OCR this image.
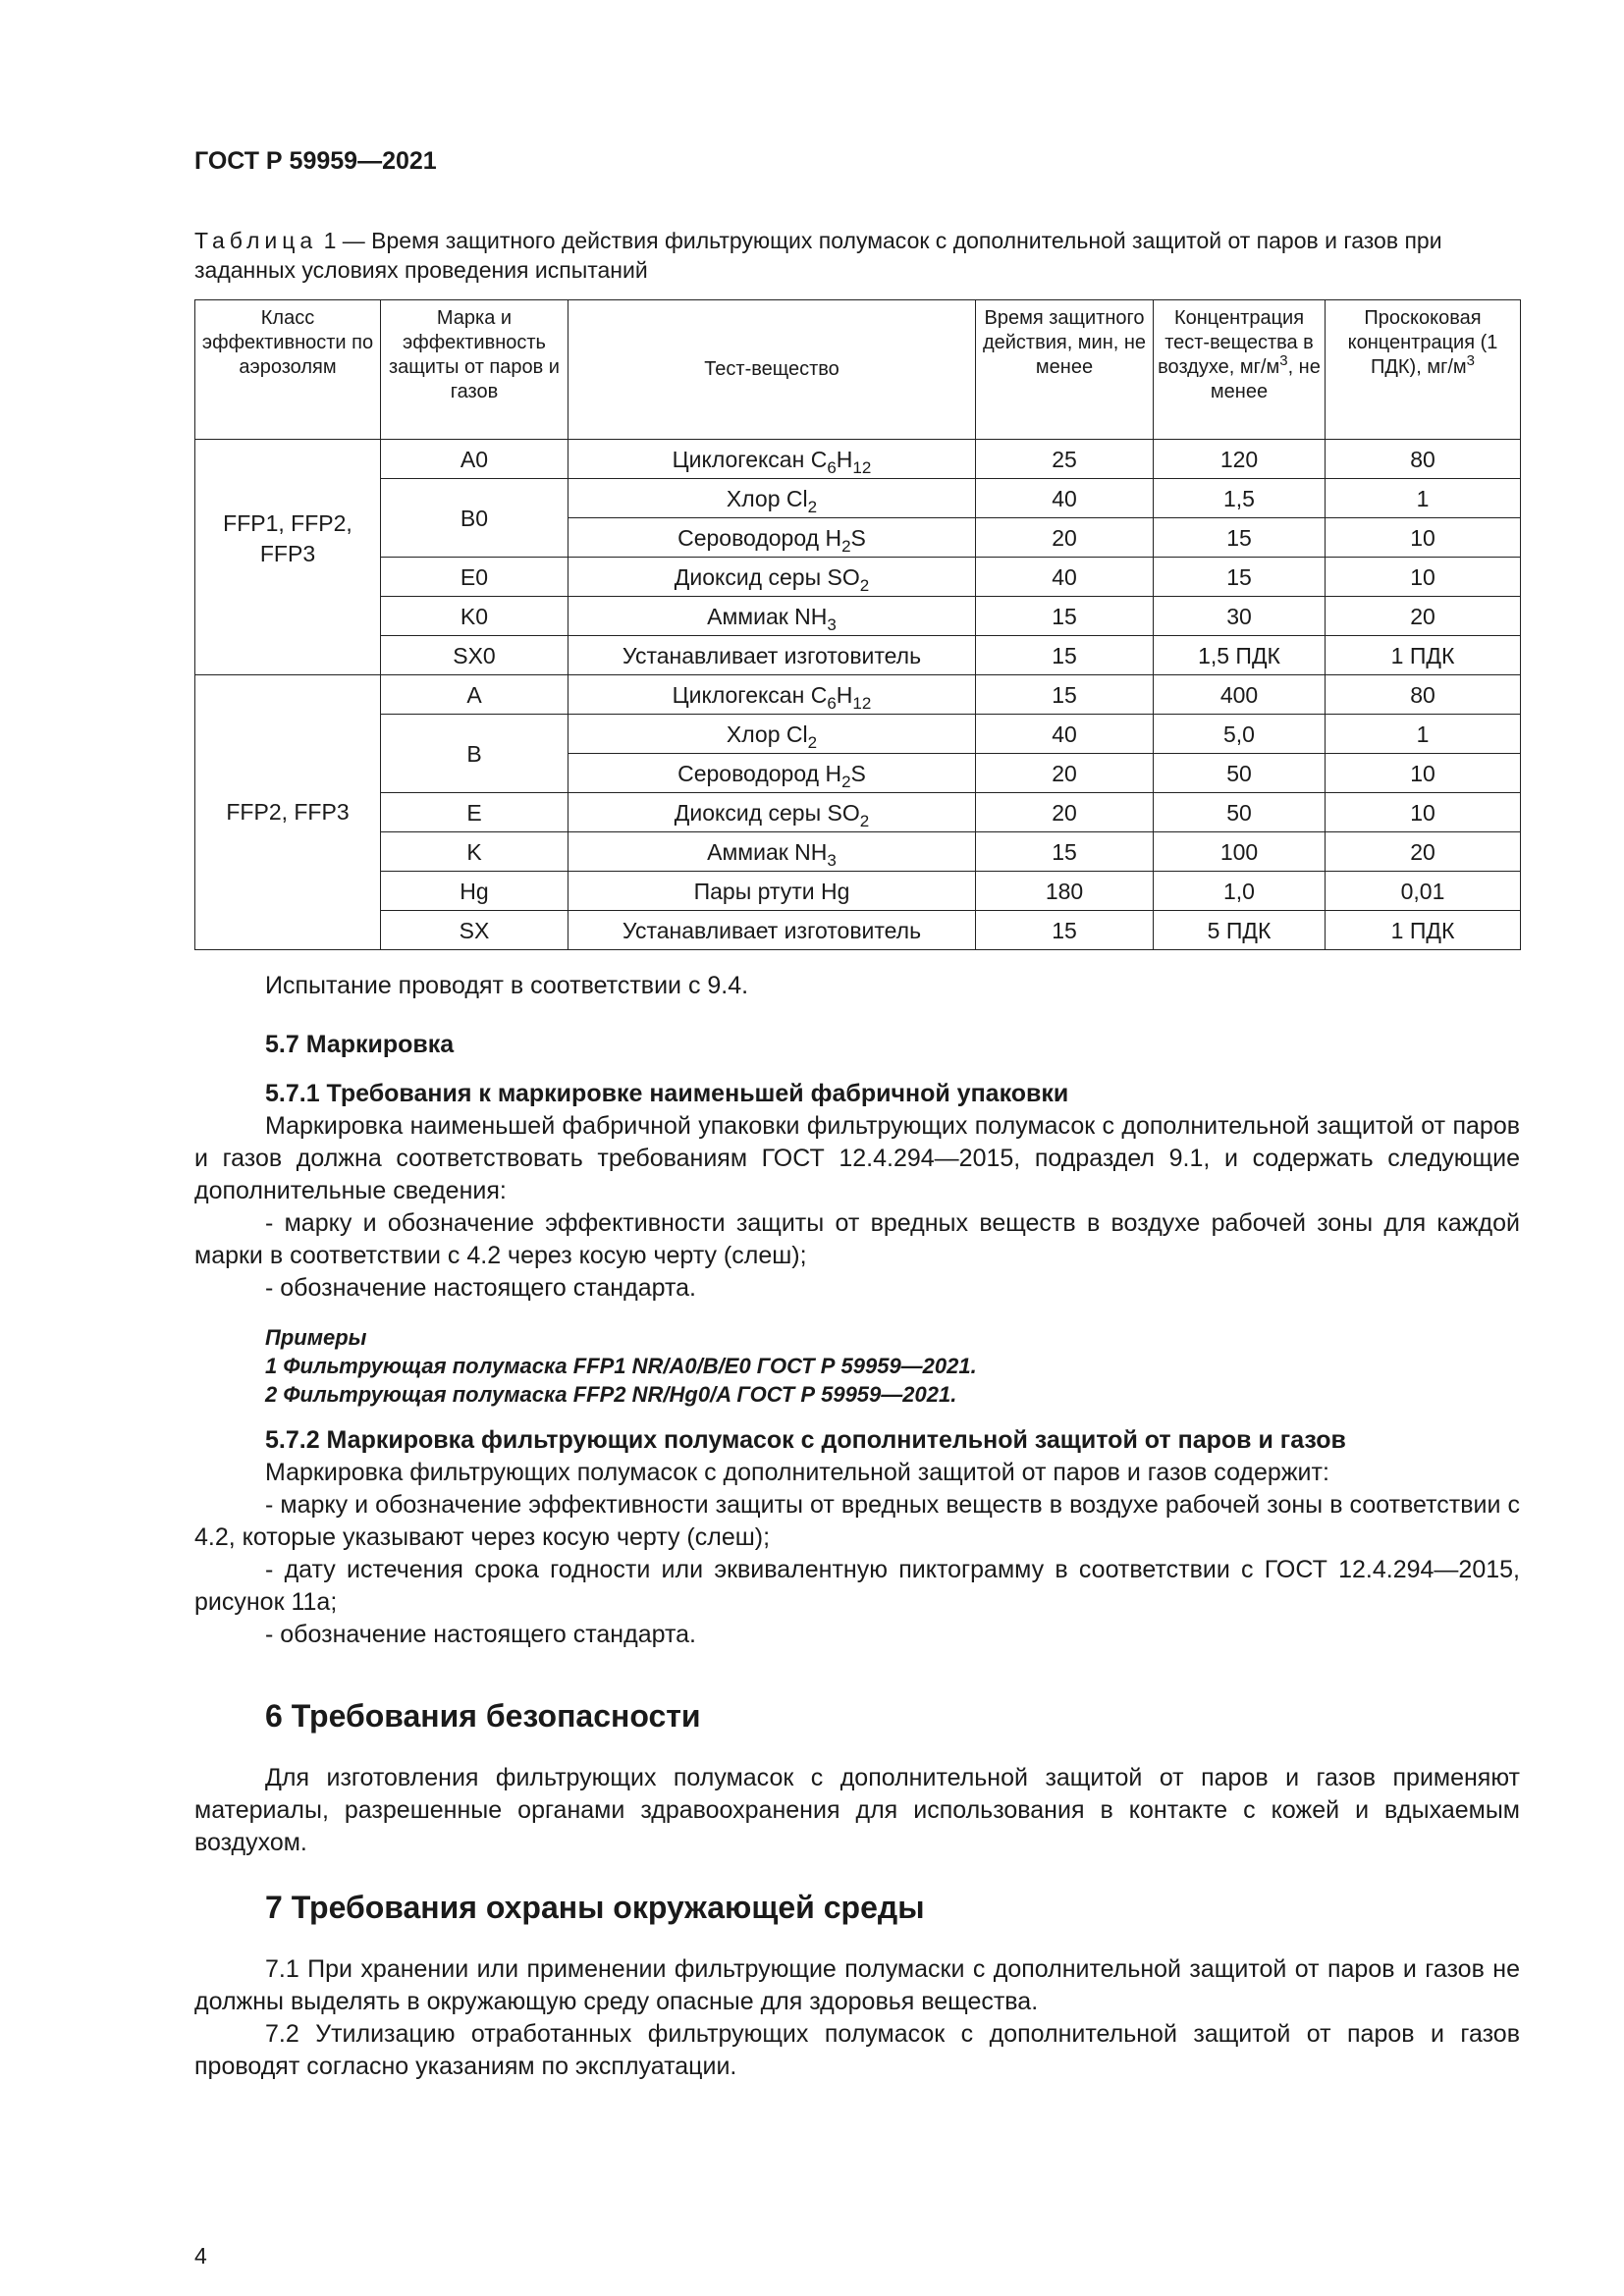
ГОСТ Р 59959—2021
Таблица 1 — Время защитного действия фильтрующих полумасок с дополнительной защитой от паров и газов при заданных условиях проведения испытаний
Класс эффективности по аэрозолям	Марка и эффективность защиты от паров и газов	Тест-вещество	Время защитного действия, мин, не менее	Концентрация тест-вещества в воздухе, $мг/м^3$, не менее	Проскоковая концентрация (1 ПДК), $мг/м^3$
FFP1, FFP2, FFP3	A0	Циклогексан $C_6H_{12}$	25	120	80
	B0	Хлор $Cl_2$	40	1,5	1
		Сероводород $H_2S$	20	15	10
	E0	Диоксид серы $SO_2$	40	15	10
	K0	Аммиак $NH_3$	15	30	20
	SX0	Устанавливает изготовитель	15	1,5 ПДК	1 ПДК
FFP2, FFP3	A	Циклогексан $C_6H_{12}$	15	400	80
	B	Хлор $Cl_2$	40	5,0	1
		Сероводород $H_2S$	20	50	10
	E	Диоксид серы $SO_2$	20	50	10
	K	Аммиак $NH_3$	15	100	20
	Hg	Пары ртути Hg	180	1,0	0,01
	SX	Устанавливает изготовитель	15	5 ПДК	1 ПДК
Испытание проводят в соответствии с 9.4.
5.7 Маркировка
5.7.1 Требования к маркировке наименьшей фабричной упаковки
Маркировка наименьшей фабричной упаковки фильтрующих полумасок с дополнительной защитой от паров и газов должна соответствовать требованиям ГОСТ 12.4.294—2015, подраздел 9.1, и содержать следующие дополнительные сведения:
- марку и обозначение эффективности защиты от вредных веществ в воздухе рабочей зоны для каждой марки в соответствии с 4.2 через косую черту (слеш);
- обозначение настоящего стандарта.
Примеры
1 Фильтрующая полумаска FFP1 NR/A0/B/E0 ГОСТ Р 59959—2021.
2 Фильтрующая полумаска FFP2 NR/Hg0/A ГОСТ Р 59959—2021.
5.7.2 Маркировка фильтрующих полумасок с дополнительной защитой от паров и газов
Маркировка фильтрующих полумасок с дополнительной защитой от паров и газов содержит:
- марку и обозначение эффективности защиты от вредных веществ в воздухе рабочей зоны в соответствии с 4.2, которые указывают через косую черту (слеш);
- дату истечения срока годности или эквивалентную пиктограмму в соответствии с ГОСТ 12.4.294—2015, рисунок 11а;
- обозначение настоящего стандарта.
6 Требования безопасности
Для изготовления фильтрующих полумасок с дополнительной защитой от паров и газов применяют материалы, разрешенные органами здравоохранения для использования в контакте с кожей и вдыхаемым воздухом.
7 Требования охраны окружающей среды
7.1 При хранении или применении фильтрующие полумаски с дополнительной защитой от паров и газов не должны выделять в окружающую среду опасные для здоровья вещества.
7.2 Утилизацию отработанных фильтрующих полумасок с дополнительной защитой от паров и газов проводят согласно указаниям по эксплуатации.
4
